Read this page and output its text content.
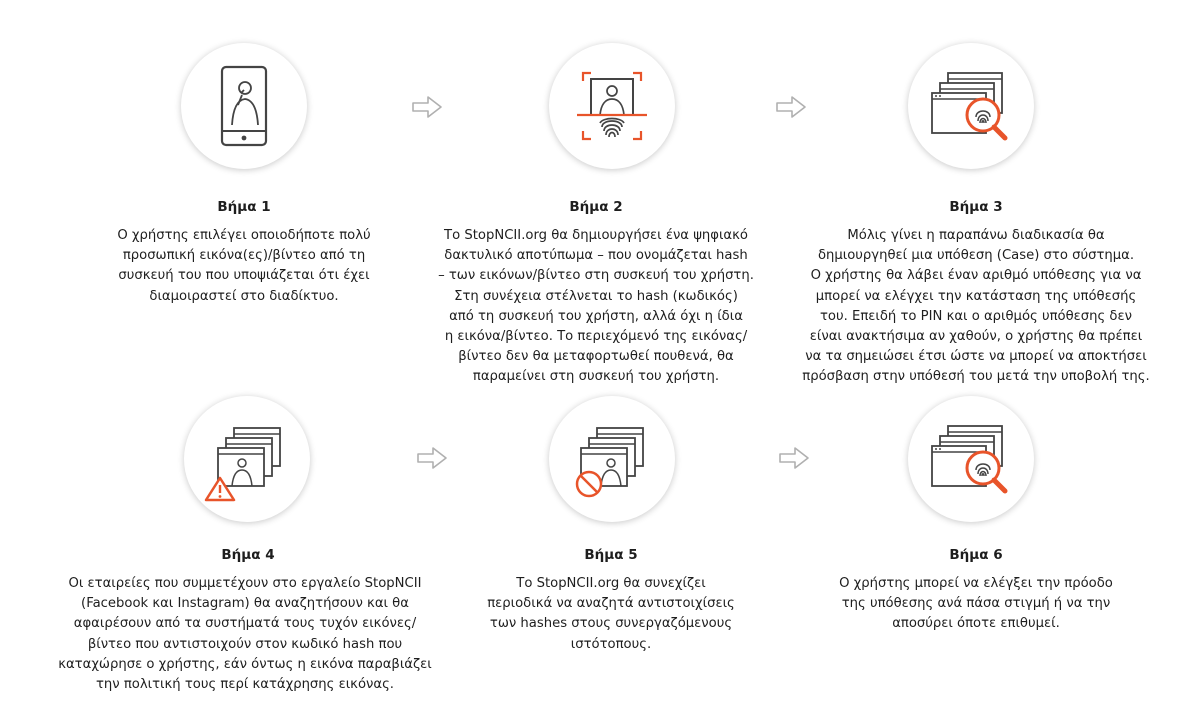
Βήμα 1	Βήμα 2	Βήμα 3
Ο χρήστης επιλέγει οποιοδήποτε πολύ
προσωπική εικόνα(ες)/βίντεο από τη
συσκευή του που υποψιάζεται ότι έχει
διαμοιραστεί στο διαδίκτυο.
Το StopNCII.org θα δημιουργήσει ένα ψηφιακό
δακτυλικό αποτύπωμα – που ονομάζεται hash
– των εικόνων/βίντεο στη συσκευή του χρήστη.
Στη συνέχεια στέλνεται το hash (κωδικός)
από τη συσκευή του χρήστη, αλλά όχι η ίδια
η εικόνα/βίντεο. Το περιεχόμενό της εικόνας/
βίντεο δεν θα μεταφορτωθεί πουθενά, θα
παραμείνει στη συσκευή του χρήστη.
Μόλις γίνει η παραπάνω διαδικασία θα
δημιουργηθεί μια υπόθεση (Case) στο σύστημα.
Ο χρήστης θα λάβει έναν αριθμό υπόθεσης για να
μπορεί να ελέγχει την κατάσταση της υπόθεσής
του. Επειδή το PIN και ο αριθμός υπόθεσης δεν
είναι ανακτήσιμα αν χαθούν, ο χρήστης θα πρέπει
να τα σημειώσει έτσι ώστε να μπορεί να αποκτήσει
πρόσβαση στην υπόθεσή του μετά την υποβολή της.
Βήμα 4	Βήμα 5	Βήμα 6
Οι εταιρείες που συμμετέχουν στο εργαλείο StopNCII
(Facebook και Instagram) θα αναζητήσουν και θα
αφαιρέσουν από τα συστήματά τους τυχόν εικόνες/
βίντεο που αντιστοιχούν στον κωδικό hash που
καταχώρησε ο χρήστης, εάν όντως η εικόνα παραβιάζει
την πολιτική τους περί κατάχρησης εικόνας.
Το StopNCII.org θα συνεχίζει
περιοδικά να αναζητά αντιστοιχίσεις
των hashes στους συνεργαζόμενους
ιστότοπους.
Ο χρήστης μπορεί να ελέγξει την πρόοδο
της υπόθεσης ανά πάσα στιγμή ή να την
αποσύρει όποτε επιθυμεί.
